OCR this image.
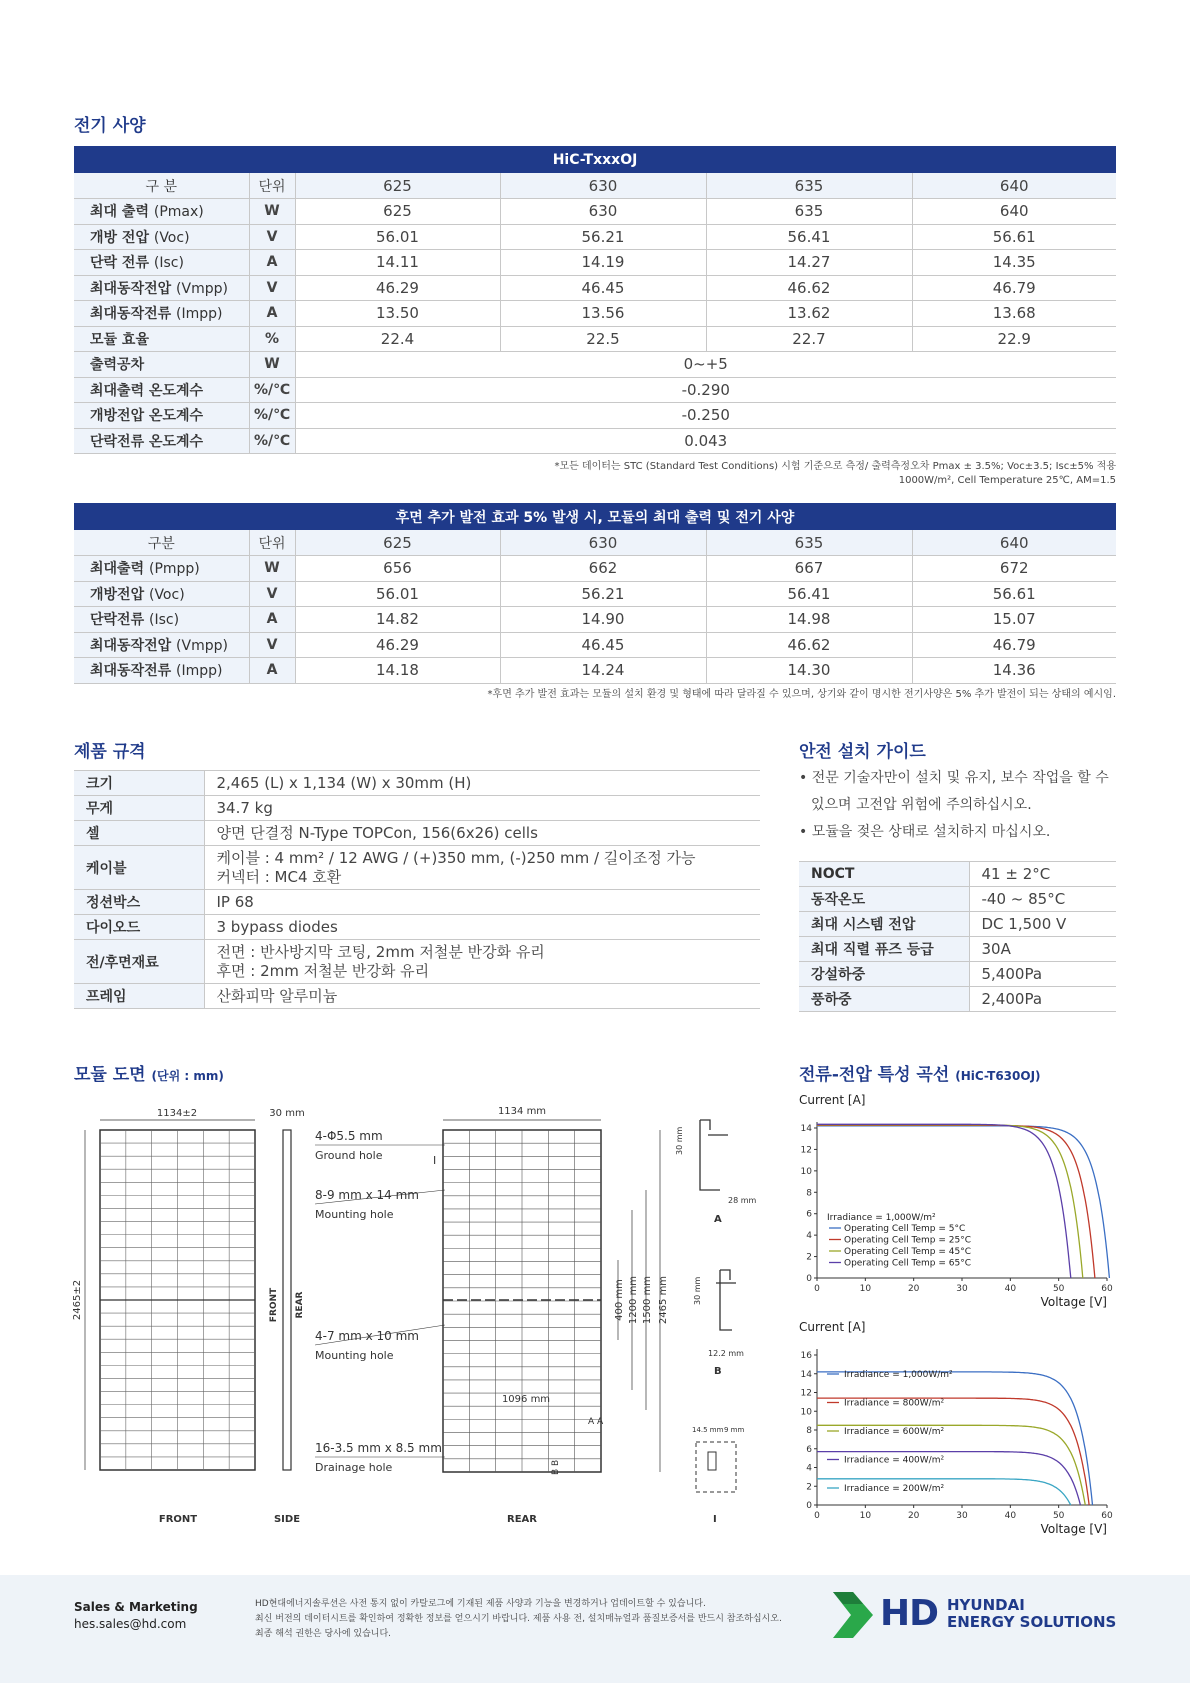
전기 사양
HiC-TxxxOJ					
구 분	단위	625	630	635	640
최대 출력 (Pmax)	W	625	630	635	640
개방 전압 (Voc)	V	56.01	56.21	56.41	56.61
단락 전류 (Isc)	A	14.11	14.19	14.27	14.35
최대동작전압 (Vmpp)	V	46.29	46.45	46.62	46.79
최대동작전류 (Impp)	A	13.50	13.56	13.62	13.68
모듈 효율	%	22.4	22.5	22.7	22.9
출력공차	W	0~+5			
최대출력 온도계수	%/℃	-0.290			
개방전압 온도계수	%/℃	-0.250			
단락전류 온도계수	%/℃	0.043			
*모든 데이터는 STC (Standard Test Conditions) 시험 기준으로 측정/ 출력측정오차 Pmax ± 3.5%; Voc±3.5; Isc±5% 적용
1000W/m², Cell Temperature 25℃, AM=1.5
후면 추가 발전 효과 5% 발생 시, 모듈의 최대 출력 및 전기 사양					
구분	단위	625	630	635	640
최대출력 (Pmpp)	W	656	662	667	672
개방전압 (Voc)	V	56.01	56.21	56.41	56.61
단락전류 (Isc)	A	14.82	14.90	14.98	15.07
최대동작전압 (Vmpp)	V	46.29	46.45	46.62	46.79
최대동작전류 (Impp)	A	14.18	14.24	14.30	14.36
*후면 추가 발전 효과는 모듈의 설치 환경 및 형태에 따라 달라질 수 있으며, 상기와 같이 명시한 전기사양은 5% 추가 발전이 되는 상태의 예시임.
제품 규격
크기	2,465 (L) x 1,134 (W) x 30mm (H)

무게	34.7 kg

셀	양면 단결정 N-Type TOPCon, 156(6x26) cells

케이블	케이블 : 4 mm² / 12 AWG / (+)350 mm, (-)250 mm / 길이조정 가능
커넥터 : MC4 호환

정션박스	IP 68

다이오드	3 bypass diodes

전/후면재료	전면 : 반사방지막 코팅, 2mm 저철분 반강화 유리
후면 : 2mm 저철분 반강화 유리

프레임	산화피막 알루미늄
안전 설치 가이드
• 전문 기술자만이 설치 및 유지, 보수 작업을 할 수
있으며 고전압 위험에 주의하십시오.
• 모듈을 젖은 상태로 설치하지 마십시오.
NOCT	41 ± 2°C
동작온도	-40 ~ 85°C
최대 시스템 전압	DC 1,500 V
최대 직렬 퓨즈 등급	30A
강설하중	5,400Pa
풍하중	2,400Pa
모듈 도면 (단위 : mm)
1134±2
2465±2
FRONT
30 mm
FRONT REAR
SIDE
1134 mm
1096 mm
400 mm 1200 mm 1500 mm 2465 mm
I
A A
B B
REAR
4-Φ5.5 mm
Ground hole
8-9 mm x 14 mm
Mounting hole
4-7 mm x 10 mm
Mounting hole
16-3.5 mm x 8.5 mm
Drainage hole
30 mm
28 mm
A
30 mm
12.2 mm
B
14.5 mm 9 mm
I
전류-전압 특성 곡선 (HiC-T630OJ)
Current [A]
0
2
4
6
8
10
12
14
0	10	20	30	40	50	60
Voltage [V]
Irradiance = 1,000W/m²
Operating Cell Temp = 5°C
Operating Cell Temp = 25°C
Operating Cell Temp = 45°C
Operating Cell Temp = 65°C
Current [A]
0
2
4
6
8
10
12
14
16
0	10	20	30	40	50	60
Voltage [V]
Irradiance = 1,000W/m²
Irradiance = 800W/m²
Irradiance = 600W/m²
Irradiance = 400W/m²
Irradiance = 200W/m²
Sales & Marketing
hes.sales@hd.com
HD현대에너지솔루션은 사전 통지 없이 카탈로그에 기재된 제품 사양과 기능을 변경하거나 업데이트할 수 있습니다.
최신 버전의 데이터시트를 확인하여 정확한 정보를 얻으시기 바랍니다. 제품 사용 전, 설치매뉴얼과 품질보증서를 반드시 참조하십시오.
최종 해석 권한은 당사에 있습니다.	HD HYUNDAI
ENERGY SOLUTIONS
